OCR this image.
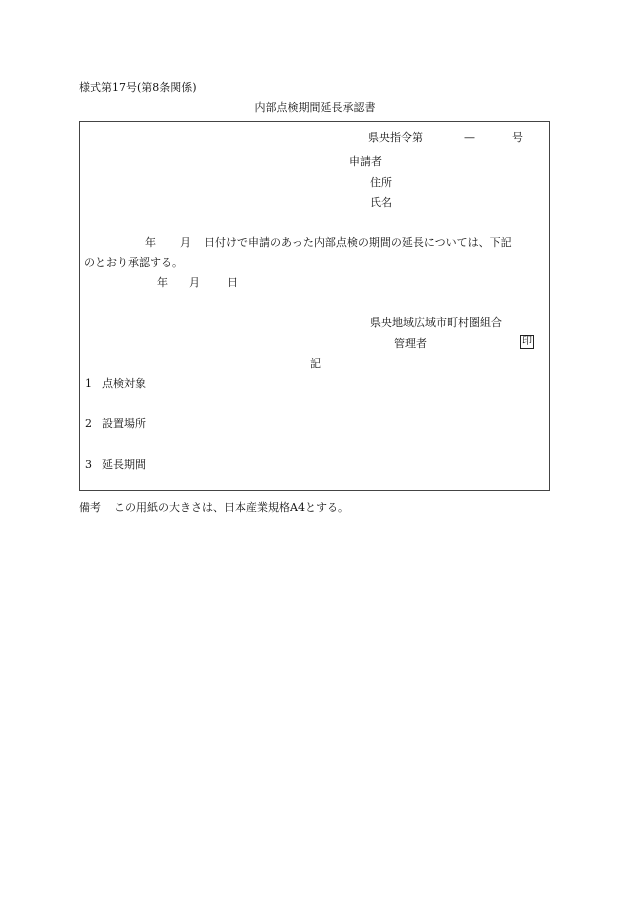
様式第17号(第8条関係)
内部点検期間延長承認書
県央指令第	—	号
申請者
住所
氏名
年 月 日付けで申請のあった内部点検の期間の延長については、下記
のとおり承認する。
年 月 日
県央地域広域市町村圏組合
管理者	印
記
1 点検対象
2 設置場所
3 延長期間
備考 この用紙の大きさは、日本産業規格A4とする。
